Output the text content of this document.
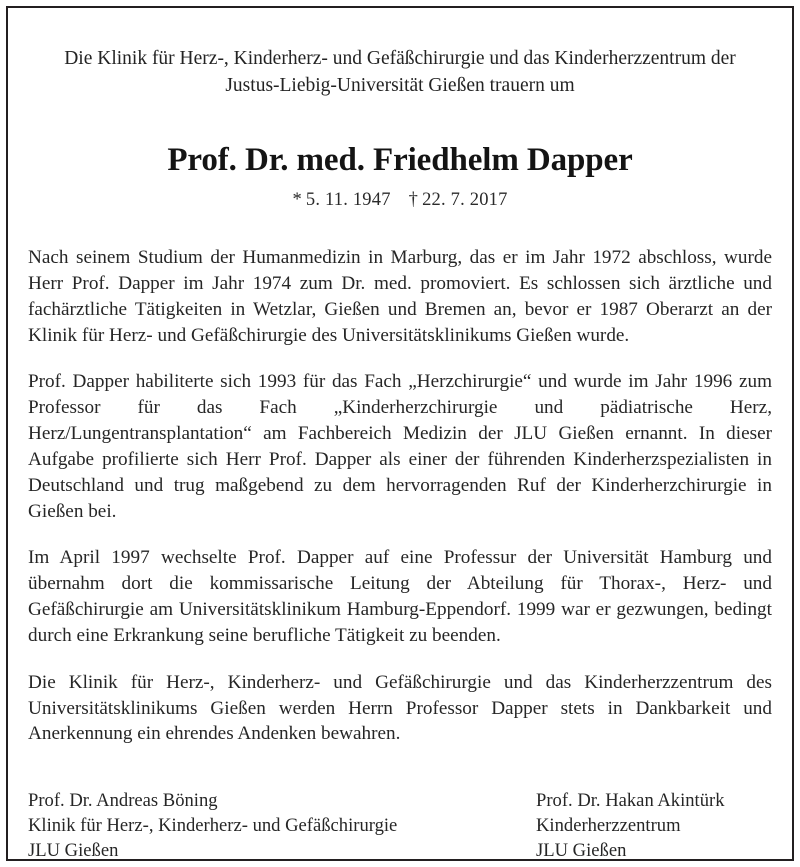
Die Klinik für Herz-, Kinderherz- und Gefäßchirurgie und das Kinderherzzentrum der
Justus-Liebig-Universität Gießen trauern um
Prof. Dr. med. Friedhelm Dapper
* 5. 11. 1947 † 22. 7. 2017

Nach seinem Studium der Humanmedizin in Marburg, das er im Jahr 1972 abschloss, wurde Herr Prof. Dapper im Jahr 1974 zum Dr. med. promoviert. Es schlossen sich ärztliche und fachärztliche Tätigkeiten in Wetzlar, Gießen und Bremen an, bevor er 1987 Oberarzt an der Klinik für Herz- und Gefäßchirurgie des Universitätsklinikums Gießen wurde.

Prof. Dapper habiliterte sich 1993 für das Fach „Herzchirurgie“ und wurde im Jahr 1996 zum Professor für das Fach „Kinderherzchirurgie und pädiatrische Herz, Herz/Lungentransplantation“ am Fachbereich Medizin der JLU Gießen ernannt. In dieser Aufgabe profilierte sich Herr Prof. Dapper als einer der führenden Kinderherzspezialisten in Deutschland und trug maßgebend zu dem hervorragenden Ruf der Kinderherzchirurgie in Gießen bei.

Im April 1997 wechselte Prof. Dapper auf eine Professur der Universität Hamburg und übernahm dort die kommissarische Leitung der Abteilung für Thorax-, Herz- und Gefäßchirurgie am Universitätsklinikum Hamburg-Eppendorf. 1999 war er gezwungen, bedingt durch eine Erkrankung seine berufliche Tätigkeit zu beenden.

Die Klinik für Herz-, Kinderherz- und Gefäßchirurgie und das Kinderherzzentrum des Universitätsklinikums Gießen werden Herrn Professor Dapper stets in Dankbarkeit und Anerkennung ein ehrendes Andenken bewahren.

Prof. Dr. Andreas Böning
Klinik für Herz-, Kinderherz- und Gefäßchirurgie
JLU Gießen
Prof. Dr. Hakan Akintürk
Kinderherzzentrum
JLU Gießen
